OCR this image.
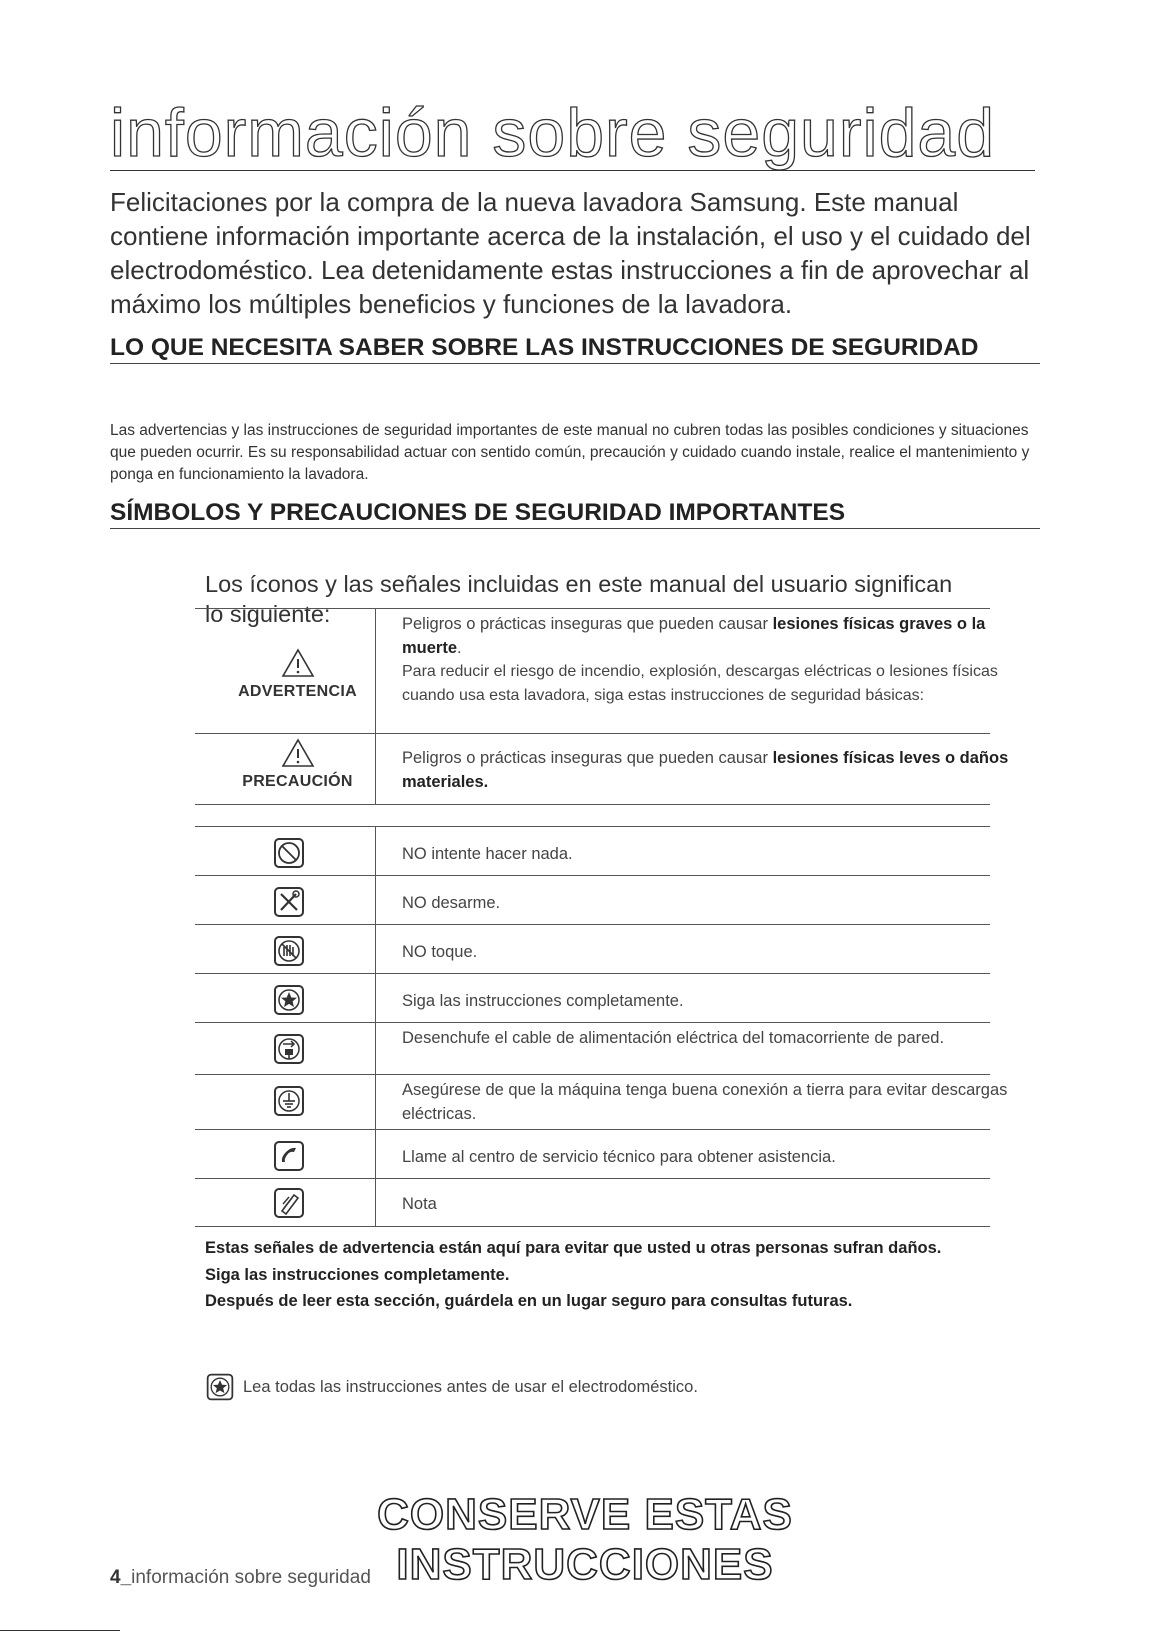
información sobre seguridad

Felicitaciones por la compra de la nueva lavadora Samsung. Este manual contiene información importante acerca de la instalación, el uso y el cuidado del electrodoméstico. Lea detenidamente estas instrucciones a fin de aprovechar al máximo los múltiples beneficios y funciones de la lavadora.

LO QUE NECESITA SABER SOBRE LAS INSTRUCCIONES DE SEGURIDAD

Las advertencias y las instrucciones de seguridad importantes de este manual no cubren todas las posibles condiciones y situaciones que pueden ocurrir. Es su responsabilidad actuar con sentido común, precaución y cuidado cuando instale, realice el mantenimiento y ponga en funcionamiento la lavadora.

SÍMBOLOS Y PRECAUCIONES DE SEGURIDAD IMPORTANTES

Los íconos y las señales incluidas en este manual del usuario significan lo siguiente:

ADVERTENCIA

Peligros o prácticas inseguras que pueden causar lesiones físicas graves o la muerte.

Para reducir el riesgo de incendio, explosión, descargas eléctricas o lesiones físicas cuando usa esta lavadora, siga estas instrucciones de seguridad básicas:

PRECAUCIÓN

Peligros o prácticas inseguras que pueden causar lesiones físicas leves o daños materiales.

NO intente hacer nada.

NO desarme.

NO toque.

Siga las instrucciones completamente.

Desenchufe el cable de alimentación eléctrica del tomacorriente de pared.

Asegúrese de que la máquina tenga buena conexión a tierra para evitar descargas eléctricas.

Llame al centro de servicio técnico para obtener asistencia.

Nota

Estas señales de advertencia están aquí para evitar que usted u otras personas sufran daños.

Siga las instrucciones completamente.

Después de leer esta sección, guárdela en un lugar seguro para consultas futuras.

Lea todas las instrucciones antes de usar el electrodoméstico.
CONSERVE ESTAS INSTRUCCIONES
4_información sobre seguridad
